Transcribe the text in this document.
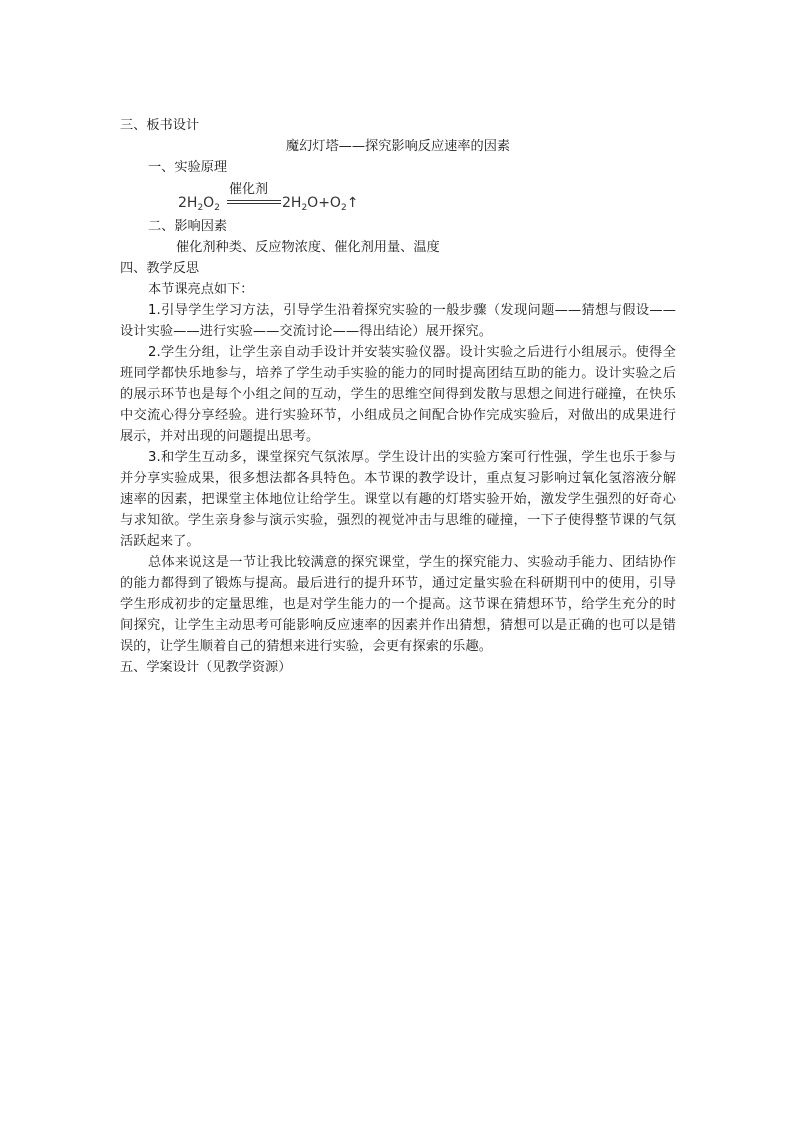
三、板书设计
魔幻灯塔——探究影响反应速率的因素
一、实验原理
$2H_2O_2$
催化剂
$2H_2O+O_2↑$
二、影响因素
催化剂种类、反应物浓度、催化剂用量、温度
四、教学反思
本节课亮点如下：
1.引导学生学习方法，引导学生沿着探究实验的一般步骤（发现问题——猜想与假设——设计实验——进行实验——交流讨论——得出结论）展开探究。
2.学生分组，让学生亲自动手设计并安装实验仪器。设计实验之后进行小组展示。使得全班同学都快乐地参与，培养了学生动手实验的能力的同时提高团结互助的能力。设计实验之后的展示环节也是每个小组之间的互动，学生的思维空间得到发散与思想之间进行碰撞，在快乐中交流心得分享经验。进行实验环节，小组成员之间配合协作完成实验后，对做出的成果进行展示，并对出现的问题提出思考。
3.和学生互动多，课堂探究气氛浓厚。学生设计出的实验方案可行性强，学生也乐于参与并分享实验成果，很多想法都各具特色。本节课的教学设计，重点复习影响过氧化氢溶液分解速率的因素，把课堂主体地位让给学生。课堂以有趣的灯塔实验开始，激发学生强烈的好奇心与求知欲。学生亲身参与演示实验，强烈的视觉冲击与思维的碰撞，一下子使得整节课的气氛活跃起来了。
总体来说这是一节让我比较满意的探究课堂，学生的探究能力、实验动手能力、团结协作的能力都得到了锻炼与提高。最后进行的提升环节，通过定量实验在科研期刊中的使用，引导学生形成初步的定量思维，也是对学生能力的一个提高。这节课在猜想环节，给学生充分的时间探究，让学生主动思考可能影响反应速率的因素并作出猜想，猜想可以是正确的也可以是错误的，让学生顺着自己的猜想来进行实验，会更有探索的乐趣。
五、学案设计（见教学资源）
